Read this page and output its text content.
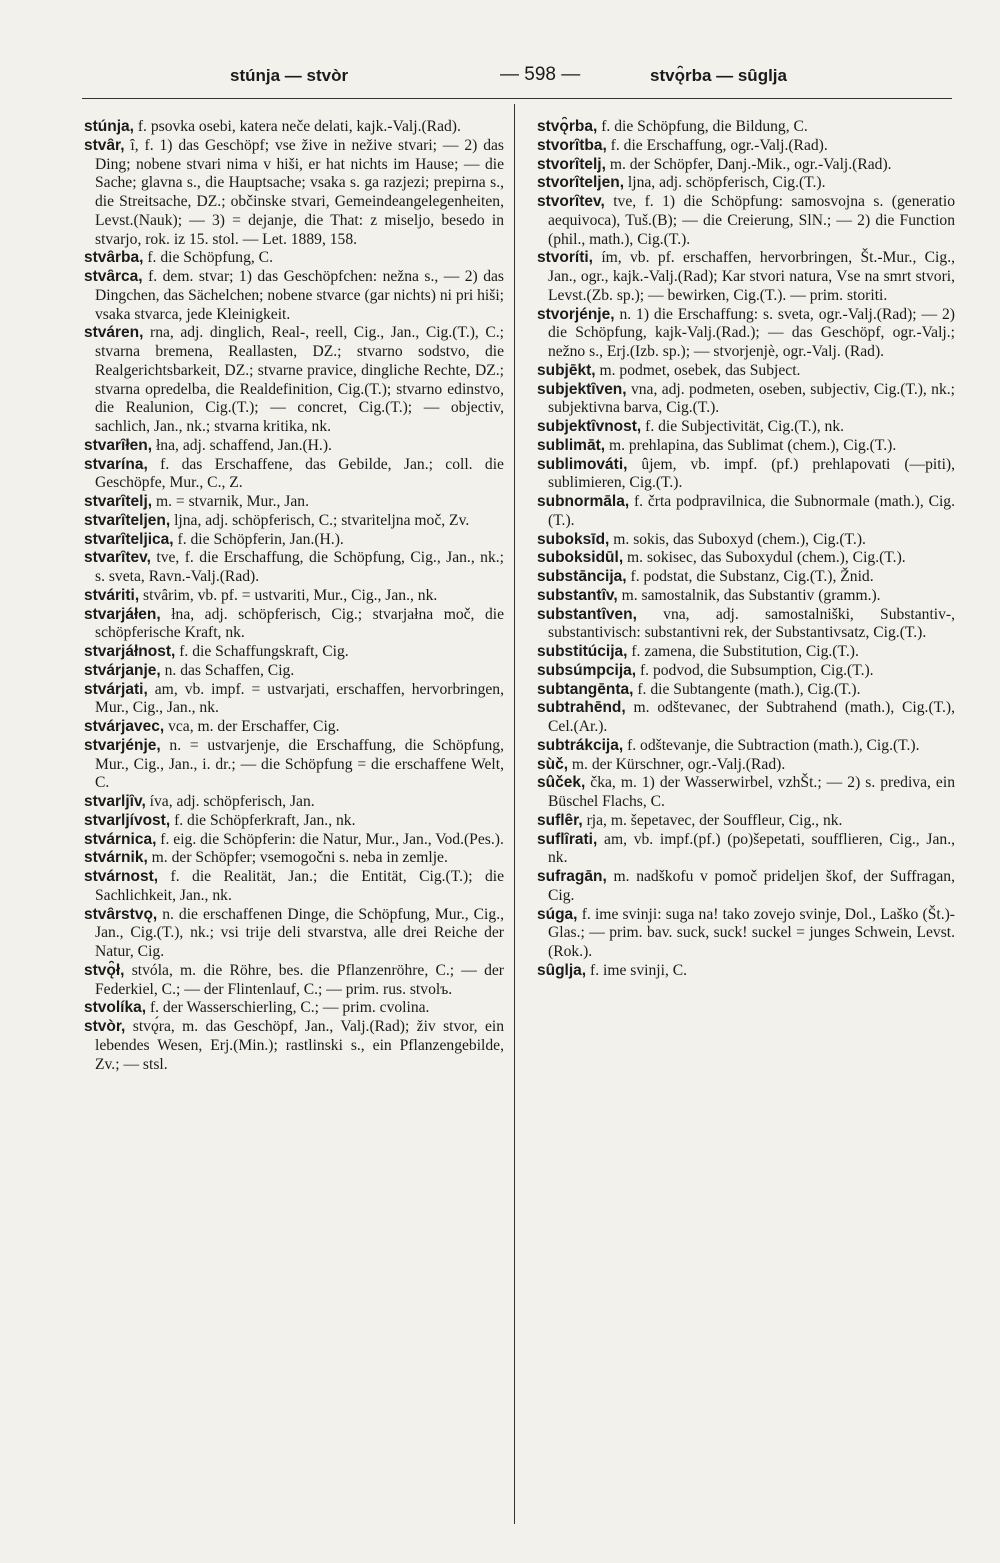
stúnja — stvòr	— 598 —	stvǫ̑rba — sȗglja

stúnja, f. psovka osebi, katera neče delati, kajk.-Valj.(Rad).

stvȃr, ȋ, f. 1) das Geschöpf; vse žive in nežive stvari; — 2) das Ding; nobene stvari nima v hiši, er hat nichts im Hause; — die Sache; glavna s., die Hauptsache; vsaka s. ga razjezi; prepirna s., die Streitsache, DZ.; občinske stvari, Gemeindeangelegenheiten, Levst.(Nauk); — 3) = dejanje, die That: z miseljo, besedo in stvarjo, rok. iz 15. stol. — Let. 1889, 158.

stvȃrba, f. die Schöpfung, C.

stvȃrca, f. dem. stvar; 1) das Geschöpfchen: nežna s., — 2) das Dingchen, das Sächelchen; nobene stvarce (gar nichts) ni pri hiši; vsaka stvarca, jede Kleinigkeit.

stváren, rna, adj. dinglich, Real-, reell, Cig., Jan., Cig.(T.), C.; stvarna bremena, Reallasten, DZ.; stvarno sodstvo, die Realgerichtsbarkeit, DZ.; stvarne pravice, dingliche Rechte, DZ.; stvarna opredelba, die Realdefinition, Cig.(T.); stvarno edinstvo, die Realunion, Cig.(T.); — concret, Cig.(T.); — objectiv, sachlich, Jan., nk.; stvarna kritika, nk.

stvarȋłen, łna, adj. schaffend, Jan.(H.).

stvarína, f. das Erschaffene, das Gebilde, Jan.; coll. die Geschöpfe, Mur., C., Z.

stvarȋtelj, m. = stvarnik, Mur., Jan.

stvarȋteljen, ljna, adj. schöpferisch, C.; stvariteljna moč, Zv.

stvarȋteljica, f. die Schöpferin, Jan.(H.).

stvarȋtev, tve, f. die Erschaffung, die Schöpfung, Cig., Jan., nk.; s. sveta, Ravn.-Valj.(Rad).

stváriti, stvȃrim, vb. pf. = ustvariti, Mur., Cig., Jan., nk.

stvarjáłen, łna, adj. schöpferisch, Cig.; stvarjałna moč, die schöpferische Kraft, nk.

stvarjáłnost, f. die Schaffungskraft, Cig.

stvárjanje, n. das Schaffen, Cig.

stvárjati, am, vb. impf. = ustvarjati, erschaffen, hervorbringen, Mur., Cig., Jan., nk.

stvárjavec, vca, m. der Erschaffer, Cig.

stvarjénje, n. = ustvarjenje, die Erschaffung, die Schöpfung, Mur., Cig., Jan., i. dr.; — die Schöpfung = die erschaffene Welt, C.

stvarljȋv, íva, adj. schöpferisch, Jan.

stvarljívost, f. die Schöpferkraft, Jan., nk.

stvárnica, f. eig. die Schöpferin: die Natur, Mur., Jan., Vod.(Pes.).

stvárnik, m. der Schöpfer; vsemogočni s. neba in zemlje.

stvárnost, f. die Realität, Jan.; die Entität, Cig.(T.); die Sachlichkeit, Jan., nk.

stvȃrstvǫ, n. die erschaffenen Dinge, die Schöpfung, Mur., Cig., Jan., Cig.(T.), nk.; vsi trije deli stvarstva, alle drei Reiche der Natur, Cig.

stvǫ̑ł, stvóla, m. die Röhre, bes. die Pflanzenröhre, C.; — der Federkiel, C.; — der Flintenlauf, C.; — prim. rus. stvolъ.

stvolíka, f. der Wasserschierling, C.; — prim. cvolina.

stvòr, stvǫ́ra, m. das Geschöpf, Jan., Valj.(Rad); živ stvor, ein lebendes Wesen, Erj.(Min.); rastlinski s., ein Pflanzengebilde, Zv.; — stsl.

stvǫ̑rba, f. die Schöpfung, die Bildung, C.

stvorȋtba, f. die Erschaffung, ogr.-Valj.(Rad).

stvorȋtelj, m. der Schöpfer, Danj.-Mik., ogr.-Valj.(Rad).

stvorȋteljen, ljna, adj. schöpferisch, Cig.(T.).

stvorȋtev, tve, f. 1) die Schöpfung: samosvojna s. (generatio aequivoca), Tuš.(B); — die Creierung, SlN.; — 2) die Function (phil., math.), Cig.(T.).

stvoríti, ím, vb. pf. erschaffen, hervorbringen, Št.-Mur., Cig., Jan., ogr., kajk.-Valj.(Rad); Kar stvori natura, Vse na smrt stvori, Levst.(Zb. sp.); — bewirken, Cig.(T.). — prim. storiti.

stvorjénje, n. 1) die Erschaffung: s. sveta, ogr.-Valj.(Rad); — 2) die Schöpfung, kajk-Valj.(Rad.); — das Geschöpf, ogr.-Valj.; nežno s., Erj.(Izb. sp.); — stvorjenjè, ogr.-Valj. (Rad).

subjēkt, m. podmet, osebek, das Subject.

subjektȋven, vna, adj. podmeten, oseben, subjectiv, Cig.(T.), nk.; subjektivna barva, Cig.(T.).

subjektȋvnost, f. die Subjectivität, Cig.(T.), nk.

sublimāt, m. prehlapina, das Sublimat (chem.), Cig.(T.).

sublimováti, ûjem, vb. impf. (pf.) prehlapovati (—piti), sublimieren, Cig.(T.).

subnormāla, f. črta podpravilnica, die Subnormale (math.), Cig.(T.).

suboksīd, m. sokis, das Suboxyd (chem.), Cig.(T.).

suboksidūl, m. sokisec, das Suboxydul (chem.), Cig.(T.).

substāncija, f. podstat, die Substanz, Cig.(T.), Žnid.

substantȋv, m. samostalnik, das Substantiv (gramm.).

substantȋven, vna, adj. samostalniški, Substantiv-, substantivisch: substantivni rek, der Substantivsatz, Cig.(T.).

substitúcija, f. zamena, die Substitution, Cig.(T.).

subsúmpcija, f. podvod, die Subsumption, Cig.(T.).

subtangēnta, f. die Subtangente (math.), Cig.(T.).

subtrahēnd, m. odštevanec, der Subtrahend (math.), Cig.(T.), Cel.(Ar.).

subtrákcija, f. odštevanje, die Subtraction (math.), Cig.(T.).

sùč, m. der Kürschner, ogr.-Valj.(Rad).

sûček, čka, m. 1) der Wasserwirbel, vzhŠt.; — 2) s. prediva, ein Büschel Flachs, C.

suflȇr, rja, m. šepetavec, der Souffleur, Cig., nk.

suflȋrati, am, vb. impf.(pf.) (po)šepetati, soufflieren, Cig., Jan., nk.

sufragān, m. nadškofu v pomoč prideljen škof, der Suffragan, Cig.

súga, f. ime svinji: suga na! tako zovejo svinje, Dol., Laško (Št.)-Glas.; — prim. bav. suck, suck! suckel = junges Schwein, Levst.(Rok.).

sȗglja, f. ime svinji, C.
